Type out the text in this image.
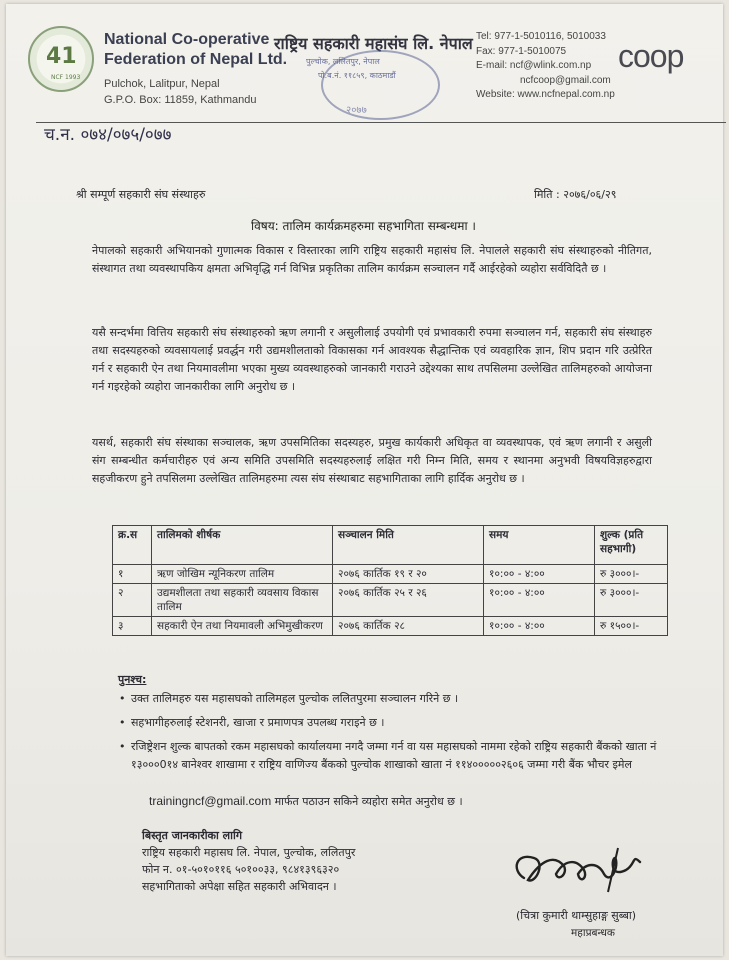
41
NCF 1993
National Co-operative
Federation of Nepal Ltd.
Pulchok, Lalitpur, Nepal
G.P.O. Box: 11859, Kathmandu
राष्ट्रिय सहकारी महासंघ लि. नेपाल
पुल्चोक, ललितपुर, नेपाल
पो.ब.नं. ११८५९, काठमाडौं
२०७७
Tel: 977-1-5010116, 5010033
Fax: 977-1-5010075
E-mail: ncf@wlink.com.np
ncfcoop@gmail.com
Website: www.ncfnepal.com.np
coop
च.न. ०७४/०७५/०७७
श्री सम्पूर्ण सहकारी संघ संस्थाहरु	मिति : २०७६/०६/२९
विषय: तालिम कार्यक्रमहरुमा सहभागिता सम्बन्धमा ।
नेपालको सहकारी अभियानको गुणात्मक विकास र विस्तारका लागि राष्ट्रिय सहकारी महासंघ लि. नेपालले सहकारी संघ संस्थाहरुको नीतिगत, संस्थागत तथा व्यवस्थापकिय क्षमता अभिवृद्धि गर्न विभिन्न प्रकृतिका तालिम कार्यक्रम सञ्चालन गर्दै आईरहेको व्यहोरा सर्वविदितै छ ।
यसै सन्दर्भमा वित्तिय सहकारी संघ संस्थाहरुको ऋण लगानी र असुलीलाई उपयोगी एवं प्रभावकारी रुपमा सञ्चालन गर्न, सहकारी संघ संस्थाहरु तथा सदस्यहरुको व्यवसायलाई प्रवर्द्धन गरी उद्यमशीलताको विकासका गर्न आवश्यक सैद्धान्तिक एवं व्यवहारिक ज्ञान, शिप प्रदान गरि उत्प्रेरित गर्न र सहकारी ऐन तथा नियमावलीमा भएका मुख्य व्यवस्थाहरुको जानकारी गराउने उद्देश्यका साथ तपसिलमा उल्लेखित तालिमहरुको आयोजना गर्न गइरहेको व्यहोरा जानकारीका लागि अनुरोध छ ।
यसर्थ, सहकारी संघ संस्थाका सञ्चालक, ऋण उपसमितिका सदस्यहरु, प्रमुख कार्यकारी अधिकृत वा व्यवस्थापक, एवं ऋण लगानी र असुली संग सम्बन्धीत कर्मचारीहरु एवं अन्य समिति उपसमिति सदस्यहरुलाई लक्षित गरी निम्न मिति, समय र स्थानमा अनुभवी विषयविज्ञहरुद्वारा सहजीकरण हुने तपसिलमा उल्लेखित तालिमहरुमा त्यस संघ संस्थाबाट सहभागिताका लागि हार्दिक अनुरोध छ ।
क्र.स	तालिमको शीर्षक	सञ्चालन मिति	समय	शुल्क (प्रति सहभागी)
१	ऋण जोखिम न्यूनिकरण तालिम	२०७६ कार्तिक १९ र २०	१०:०० - ४:००	रु ३०००।-
२	उद्यमशीलता तथा सहकारी व्यवसाय विकास तालिम	२०७६ कार्तिक २५ र २६	१०:०० - ४:००	रु ३०००।-
३	सहकारी ऐन तथा नियमावली अभिमुखीकरण	२०७६ कार्तिक २८	१०:०० - ४:००	रु १५००।-
पुनश्च:
• उक्त तालिमहरु यस महासघको तालिमहल पुल्चोक ललितपुरमा सञ्चालन गरिने छ ।
• सहभागीहरुलाई स्टेशनरी, खाजा र प्रमाणपत्र उपलब्ध गराइने छ ।
• रजिष्ट्रेशन शुल्क बापतको रकम महासघको कार्यालयमा नगदै जम्मा गर्न वा यस महासघको नाममा रहेको राष्ट्रिय सहकारी बैंकको खाता नं १३०००0१४ बानेश्वर शाखामा र राष्ट्रिय वाणिज्य बैंकको पुल्चोक शाखाको खाता नं ११४०००००२६०६ जम्मा गरी बैंक भौचर इमेल
trainingncf@gmail.com मार्फत पठाउन सकिने व्यहोरा समेत अनुरोध छ ।
बिस्तृत जानकारीका लागि
राष्ट्रिय सहकारी महासघ लि. नेपाल, पुल्चोक, ललितपुर
फोन न. ०१-५०१०११६ ५०१००३३, ९८४१३९६३२०
सहभागिताको अपेक्षा सहित सहकारी अभिवादन ।
(चित्रा कुमारी थाम्सुहाङ्ग सुब्बा)
महाप्रबन्धक
